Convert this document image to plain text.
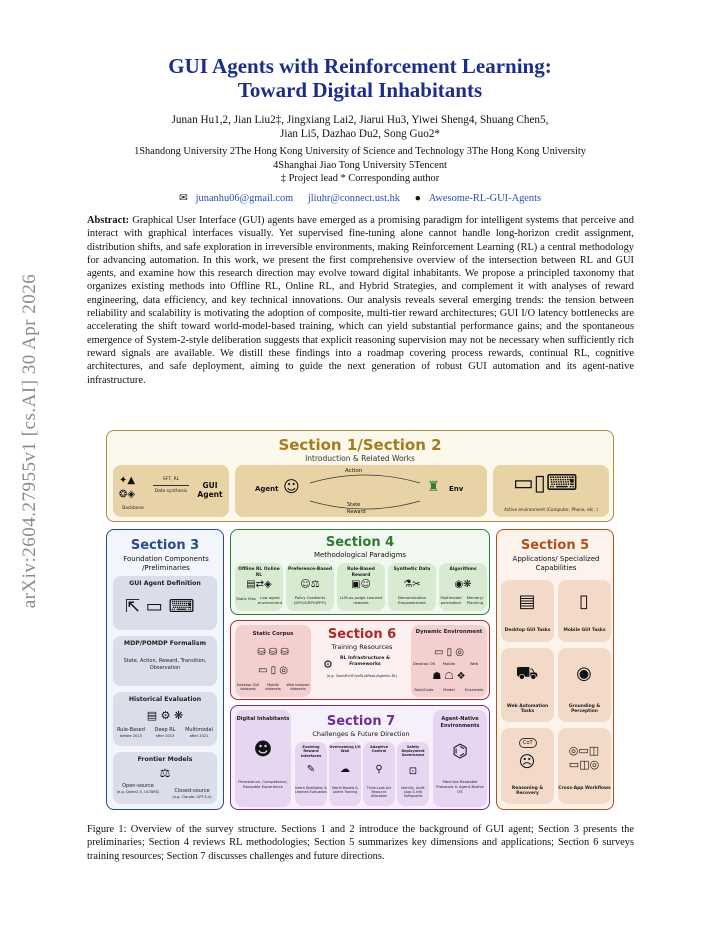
arXiv:2604.27955v1 [cs.AI] 30 Apr 2026
GUI Agents with Reinforcement Learning:
Toward Digital Inhabitants
Junan Hu1,2, Jian Liu2‡, Jingxiang Lai2, Jiarui Hu3, Yiwei Sheng4, Shuang Chen5,
Jian Li5, Dazhao Du2, Song Guo2*
1Shandong University 2The Hong Kong University of Science and Technology 3The Hong Kong University
4Shanghai Jiao Tong University 5Tencent
‡ Project lead * Corresponding author
✉ junanhu06@gmail.com jliuhr@connect.ust.hk ● Awesome-RL-GUI-Agents
Abstract: Graphical User Interface (GUI) agents have emerged as a promising paradigm for intelligent systems that perceive and interact with graphical interfaces visually. Yet supervised fine-tuning alone cannot handle long-horizon credit assignment, distribution shifts, and safe exploration in irreversible environments, making Reinforcement Learning (RL) a central methodology for advancing automation. In this work, we present the first comprehensive overview of the intersection between RL and GUI agents, and examine how this research direction may evolve toward digital inhabitants. We propose a principled taxonomy that organizes existing methods into Offline RL, Online RL, and Hybrid Strategies, and complement it with analyses of reward engineering, data efficiency, and key technical innovations. Our analysis reveals several emerging trends: the tension between reliability and scalability is motivating the adoption of composite, multi-tier reward architectures; GUI I/O latency bottlenecks are accelerating the shift toward world-model-based training, which can yield substantial performance gains; and the spontaneous emergence of System-2-style deliberation suggests that explicit reasoning supervision may not be necessary when sufficiently rich reward signals are available. We distill these findings into a roadmap covering process rewards, continual RL, cognitive architectures, and safe deployment, aiming to guide the next generation of robust GUI automation and its agent-native infrastructure.
Section 1/Section 2
Introduction & Related Works
✦▲
❂◈
Backbone
SFT, RL
Data synthesis
GUI Agent
Agent ☺
Action
State
Reward
♜ Env ▭▯⌨
Active environment (Computer, Phone, etc. )
Section 3
Foundation Components /Preliminaries
GUI Agent Definition
⇱ ▭ ⌨
MDP/POMDP Formalism
State, Action, Reward, Transition, Observation
Historical Evaluation
▤ ⚙ ❋
Rule-Based
before 2015
Deep RL
after 2015
Multimodal
after 2021
Frontier Models
⚖
Open-source
(e.g. Qwen2.5, UI-TARS)	Closed-source
(e.g. Claude, GPT-5.4)
Section 4
Methodological Paradigms
Offline RL Online RL
▤⇄◈
Static files	Low agent environment
Preference-Based
☺⚖
Policy Gradients (DPO/GRPO/PPO)
Rule-Based Reward
▣☺
LLM-as-Judge Learned rewards
Synthetic Data
⚗✂
Demonstration Empowerment
Algorithms
◉❋
Multimodal perception
Memory/ Planning
Static Corpus
⛁ ⛁ ⛁
▭ ▯ ◎
Desktop GUI datasets
Mobile datasets
Web browser datasets
Section 6
Training Resources
⚙	RL Infrastructure & Frameworks
(e.g. OpenRLHF/veRL/AReaL/Agentic-RL)
Dynamic Environment
▭ ▯ ◎
Desktop OS	Mobile	Web
☗ ☖ ❖
Rule/Code	Model	Ensemble
Digital Inhabitants
☻
Persistence, Competence, Reusable Experience
Section 7
Challenges & Future Direction
Evolving Reward Interfaces
✎
Intent Distillation & Learned Evaluation
Overcoming I/O Wall
☁
World Models & Latent Training
Adaptive Control
⚲
Think-Look-Act Resource Allocation
Safety Deployment Governance
⊡
Identity, Audit Logs & Info Safeguards
Agent-Native Environments
⌬
Machine-Readable Protocols & Agent-Native OS
Section 5
Applications/ Specialized Capabilities
▤
Desktop GUI Tasks
▯
Mobile GUI Tasks
⛟
Web Automation Tasks
◉
Grounding & Perception
CoT
☹
Reasoning & Recovery
◎▭◫
▭◫◎
Cross-App Workflows
Figure 1: Overview of the survey structure. Sections 1 and 2 introduce the background of GUI agent; Section 3 presents the preliminaries; Section 4 reviews RL methodologies; Section 5 summarizes key dimensions and applications; Section 6 surveys training resources; Section 7 discusses challenges and future directions.
